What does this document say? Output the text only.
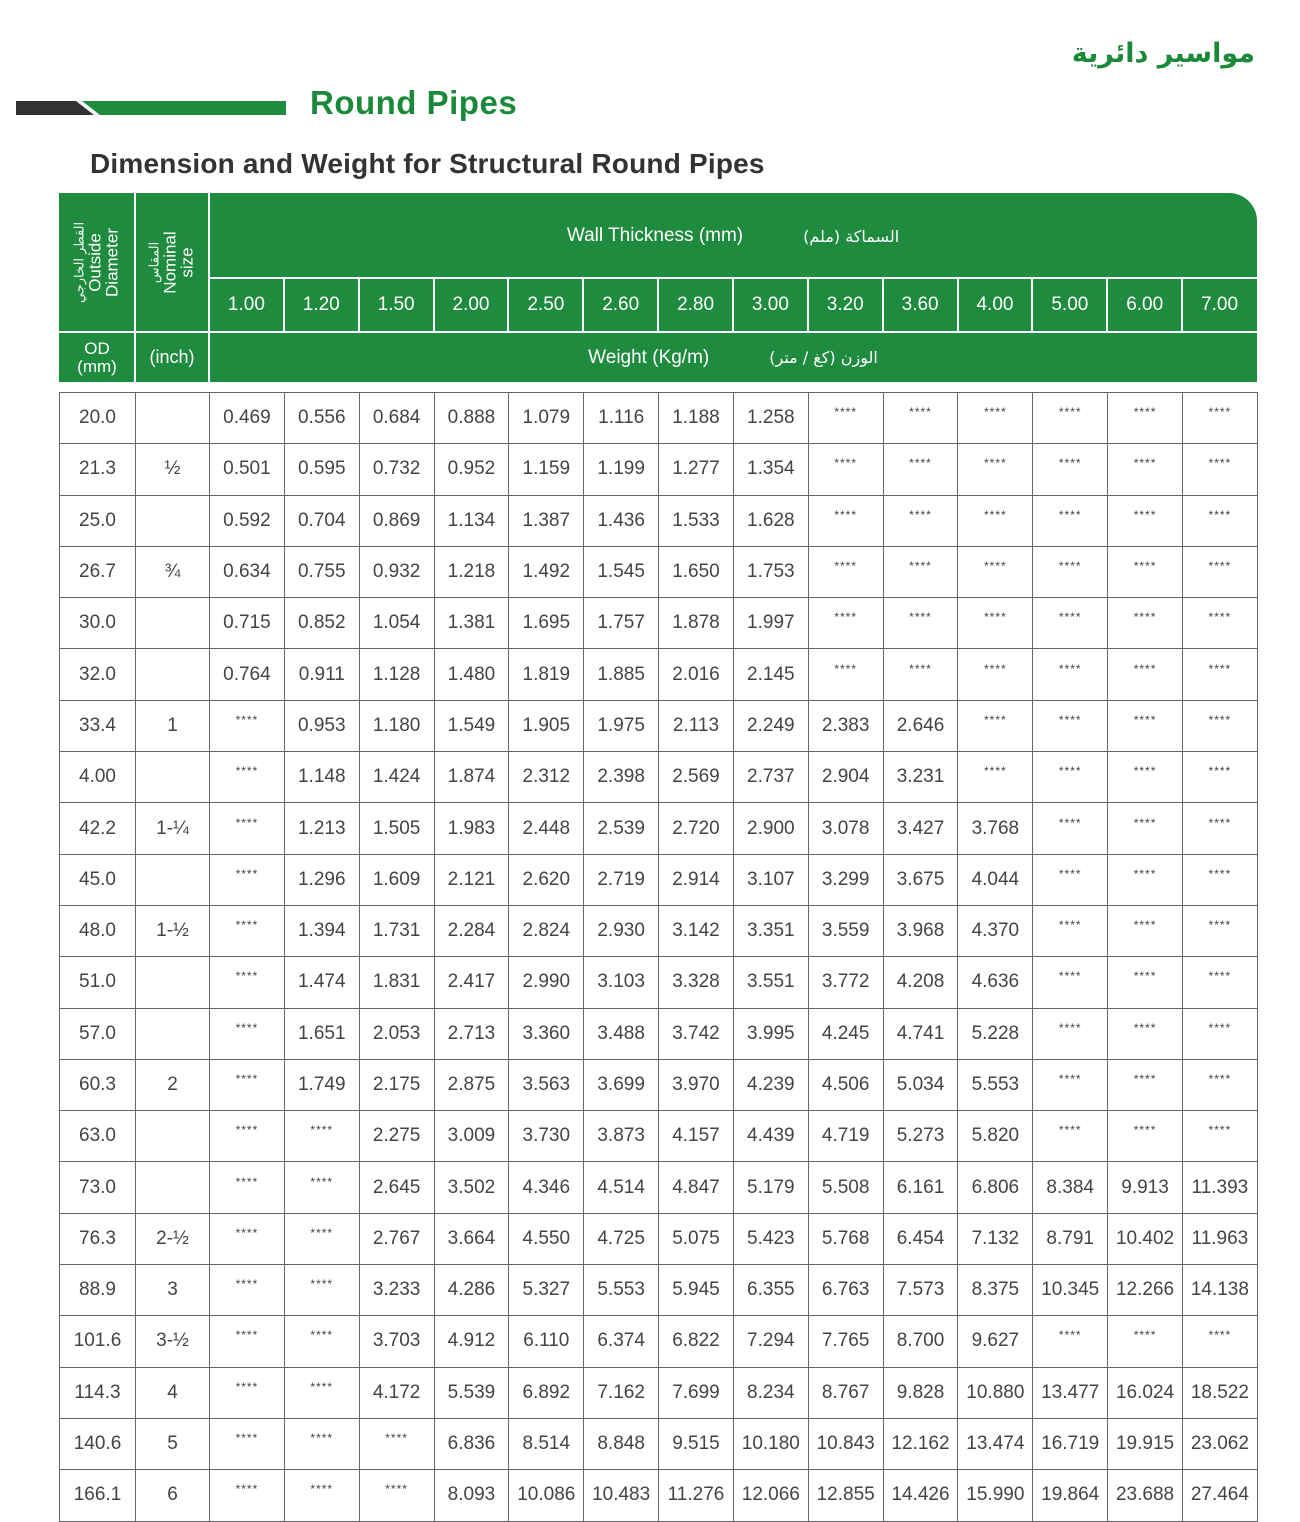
مواسير دائرية
Round Pipes
Dimension and Weight for Structural Round Pipes
القطر الخارجي
Outside Diameter المقاس
Nominal size
Wall Thickness (mm)	السماكة (ملم)
1.00	1.20	1.50	2.00	2.50	2.60	2.80	3.00	3.20	3.60	4.00	5.00	6.00	7.00
OD (mm) (inch)	Weight (Kg/m)	الوزن (كغ / متر)
20.0		0.469	0.556	0.684	0.888	1.079	1.116	1.188	1.258	****	****	****	****	****	****
21.3	½	0.501	0.595	0.732	0.952	1.159	1.199	1.277	1.354	****	****	****	****	****	****
25.0		0.592	0.704	0.869	1.134	1.387	1.436	1.533	1.628	****	****	****	****	****	****
26.7	¾	0.634	0.755	0.932	1.218	1.492	1.545	1.650	1.753	****	****	****	****	****	****
30.0		0.715	0.852	1.054	1.381	1.695	1.757	1.878	1.997	****	****	****	****	****	****
32.0		0.764	0.911	1.128	1.480	1.819	1.885	2.016	2.145	****	****	****	****	****	****
33.4	1	****	0.953	1.180	1.549	1.905	1.975	2.113	2.249	2.383	2.646	****	****	****	****
4.00		****	1.148	1.424	1.874	2.312	2.398	2.569	2.737	2.904	3.231	****	****	****	****
42.2	1-¼	****	1.213	1.505	1.983	2.448	2.539	2.720	2.900	3.078	3.427	3.768	****	****	****
45.0		****	1.296	1.609	2.121	2.620	2.719	2.914	3.107	3.299	3.675	4.044	****	****	****
48.0	1-½	****	1.394	1.731	2.284	2.824	2.930	3.142	3.351	3.559	3.968	4.370	****	****	****
51.0		****	1.474	1.831	2.417	2.990	3.103	3.328	3.551	3.772	4.208	4.636	****	****	****
57.0		****	1.651	2.053	2.713	3.360	3.488	3.742	3.995	4.245	4.741	5.228	****	****	****
60.3	2	****	1.749	2.175	2.875	3.563	3.699	3.970	4.239	4.506	5.034	5.553	****	****	****
63.0		****	****	2.275	3.009	3.730	3.873	4.157	4.439	4.719	5.273	5.820	****	****	****
73.0		****	****	2.645	3.502	4.346	4.514	4.847	5.179	5.508	6.161	6.806	8.384	9.913	11.393
76.3	2-½	****	****	2.767	3.664	4.550	4.725	5.075	5.423	5.768	6.454	7.132	8.791	10.402	11.963
88.9	3	****	****	3.233	4.286	5.327	5.553	5.945	6.355	6.763	7.573	8.375	10.345	12.266	14.138
101.6	3-½	****	****	3.703	4.912	6.110	6.374	6.822	7.294	7.765	8.700	9.627	****	****	****
114.3	4	****	****	4.172	5.539	6.892	7.162	7.699	8.234	8.767	9.828	10.880	13.477	16.024	18.522
140.6	5	****	****	****	6.836	8.514	8.848	9.515	10.180	10.843	12.162	13.474	16.719	19.915	23.062
166.1	6	****	****	****	8.093	10.086	10.483	11.276	12.066	12.855	14.426	15.990	19.864	23.688	27.464
